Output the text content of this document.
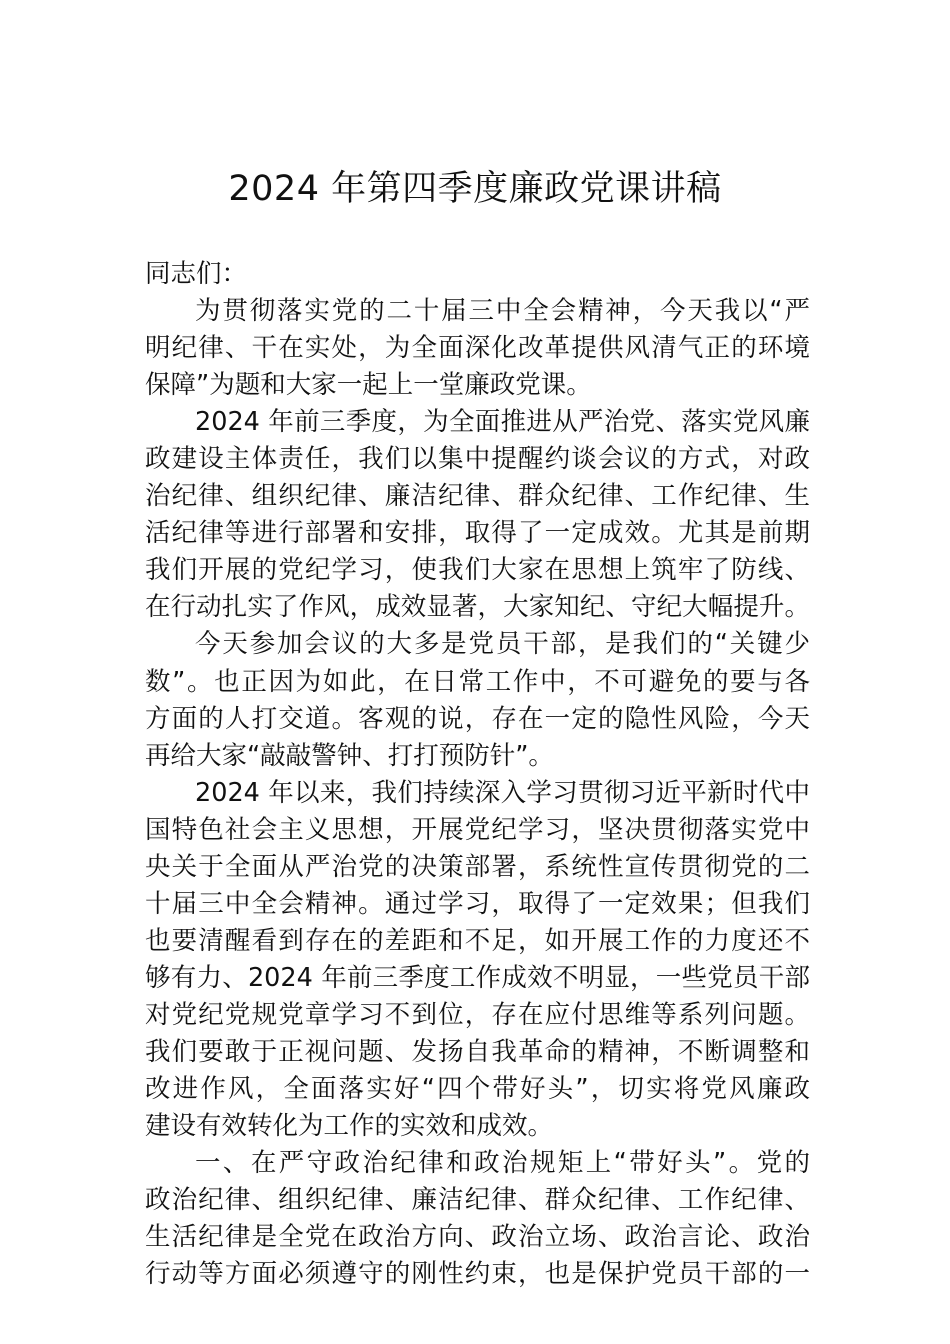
2024 年第四季度廉政党课讲稿
同志们：
为贯彻落实党的二十届三中全会精神，今天我以“严
明纪律、干在实处，为全面深化改革提供风清气正的环境
保障”为题和大家一起上一堂廉政党课。
2024 年前三季度，为全面推进从严治党、落实党风廉
政建设主体责任，我们以集中提醒约谈会议的方式，对政
治纪律、组织纪律、廉洁纪律、群众纪律、工作纪律、生
活纪律等进行部署和安排，取得了一定成效。尤其是前期
我们开展的党纪学习，使我们大家在思想上筑牢了防线、
在行动扎实了作风，成效显著，大家知纪、守纪大幅提升。
今天参加会议的大多是党员干部，是我们的“关键少
数”。也正因为如此，在日常工作中，不可避免的要与各
方面的人打交道。客观的说，存在一定的隐性风险，今天
再给大家“敲敲警钟、打打预防针”。
2024 年以来，我们持续深入学习贯彻习近平新时代中
国特色社会主义思想，开展党纪学习，坚决贯彻落实党中
央关于全面从严治党的决策部署，系统性宣传贯彻党的二
十届三中全会精神。通过学习，取得了一定效果；但我们
也要清醒看到存在的差距和不足，如开展工作的力度还不
够有力、2024 年前三季度工作成效不明显，一些党员干部
对党纪党规党章学习不到位，存在应付思维等系列问题。
我们要敢于正视问题、发扬自我革命的精神，不断调整和
改进作风，全面落实好“四个带好头”，切实将党风廉政
建设有效转化为工作的实效和成效。
一、在严守政治纪律和政治规矩上“带好头”。党的
政治纪律、组织纪律、廉洁纪律、群众纪律、工作纪律、
生活纪律是全党在政治方向、政治立场、政治言论、政治
行动等方面必须遵守的刚性约束，也是保护党员干部的一
